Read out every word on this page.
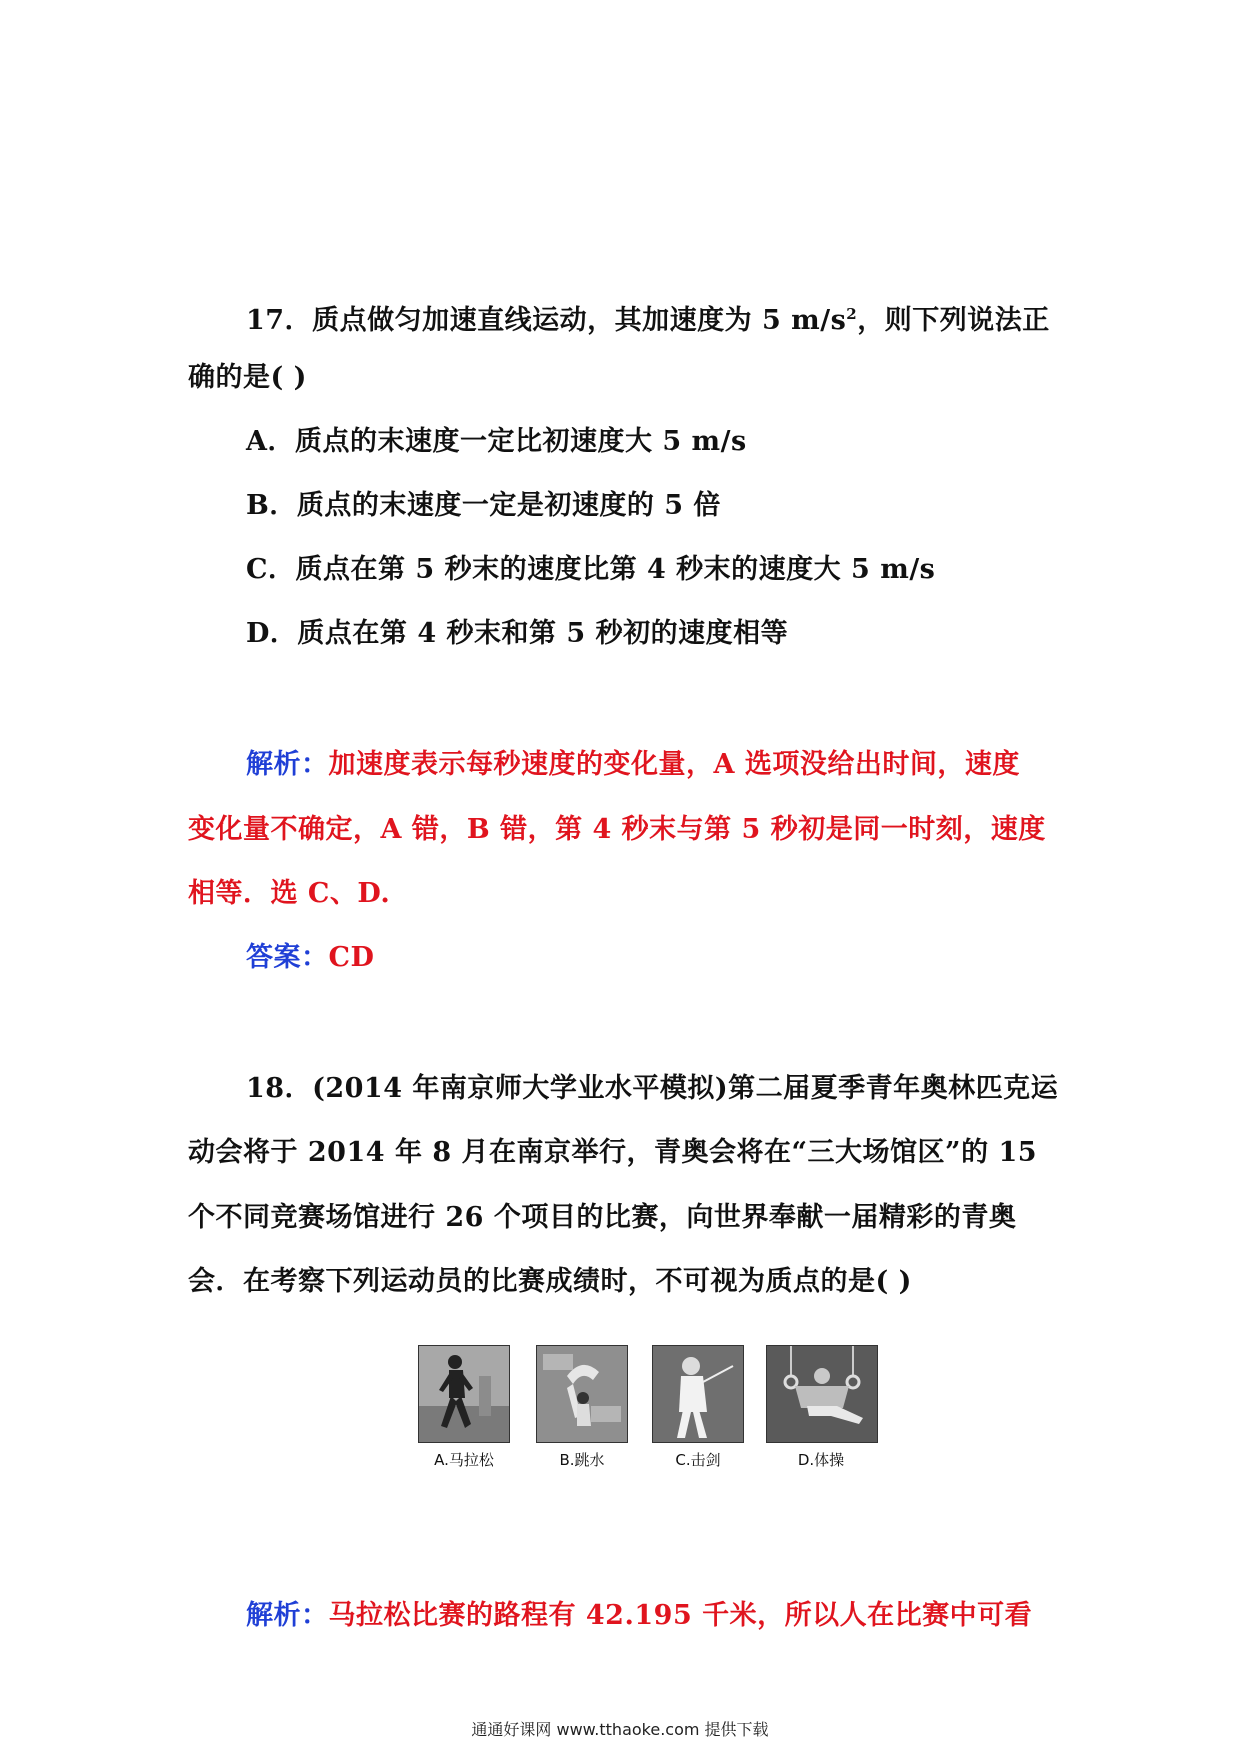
17．质点做匀加速直线运动，其加速度为 5 $m/s^2$，则下列说法正
确的是( )
A．质点的末速度一定比初速度大 5 m/s
B．质点的末速度一定是初速度的 5 倍
C．质点在第 5 秒末的速度比第 4 秒末的速度大 5 m/s
D．质点在第 4 秒末和第 5 秒初的速度相等
解析：加速度表示每秒速度的变化量，A 选项没给出时间，速度
变化量不确定，A 错，B 错，第 4 秒末与第 5 秒初是同一时刻，速度
相等．选 C、D.
答案：CD
18．(2014 年南京师大学业水平模拟)第二届夏季青年奥林匹克运
动会将于 2014 年 8 月在南京举行，青奥会将在“三大场馆区”的 15
个不同竞赛场馆进行 26 个项目的比赛，向世界奉献一届精彩的青奥
会．在考察下列运动员的比赛成绩时，不可视为质点的是( )
A.马拉松	B.跳水	C.击剑	D.体操
解析：马拉松比赛的路程有 42.195 千米，所以人在比赛中可看
通通好课网 www.tthaoke.com 提供下载
